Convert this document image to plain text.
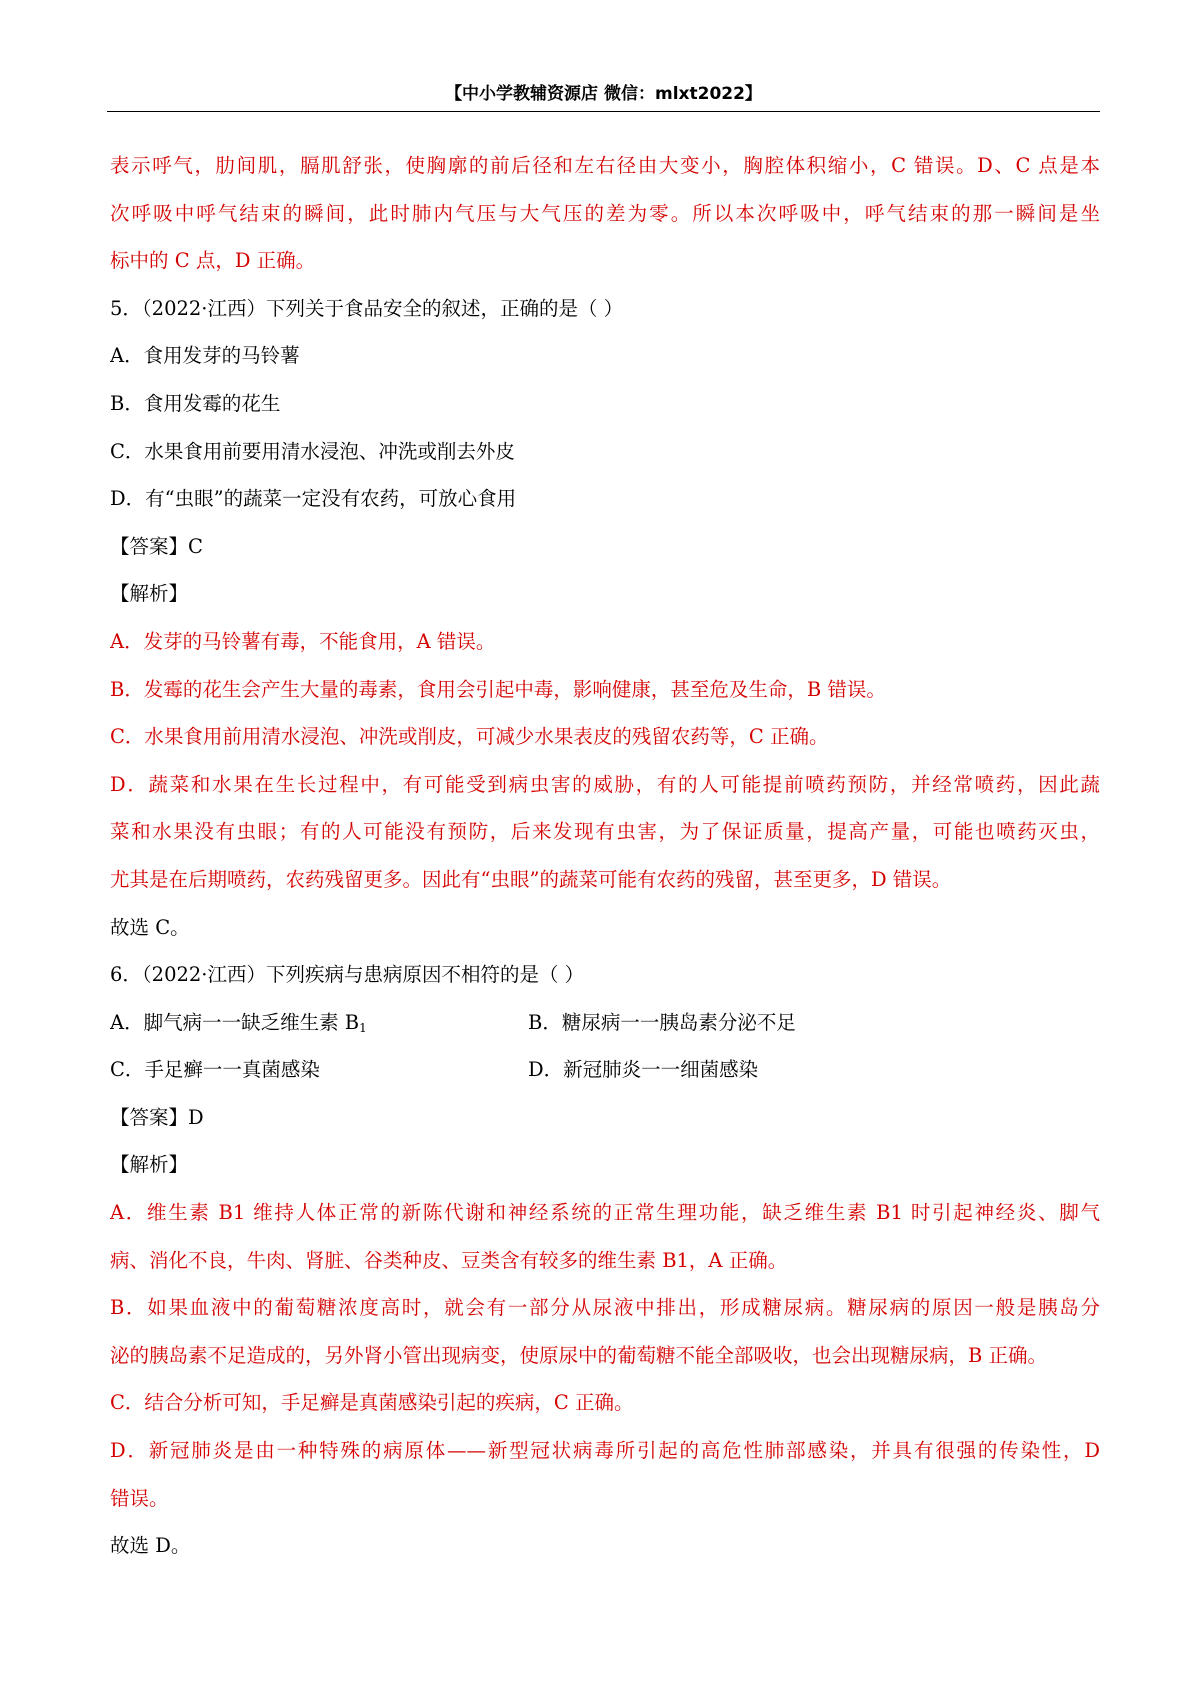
【中小学教辅资源店 微信：mlxt2022】
表示呼气，肋间肌，膈肌舒张，使胸廓的前后径和左右径由大变小，胸腔体积缩小，C 错误。D、C 点是本
次呼吸中呼气结束的瞬间，此时肺内气压与大气压的差为零。所以本次呼吸中，呼气结束的那一瞬间是坐
标中的 C 点，D 正确。
5．（2022·江西）下列关于食品安全的叙述，正确的是（ ）
A．食用发芽的马铃薯
B．食用发霉的花生
C．水果食用前要用清水浸泡、冲洗或削去外皮
D．有“虫眼”的蔬菜一定没有农药，可放心食用
【答案】C
【解析】
A．发芽的马铃薯有毒，不能食用，A 错误。
B．发霉的花生会产生大量的毒素，食用会引起中毒，影响健康，甚至危及生命，B 错误。
C．水果食用前用清水浸泡、冲洗或削皮，可减少水果表皮的残留农药等，C 正确。
D．蔬菜和水果在生长过程中，有可能受到病虫害的威胁，有的人可能提前喷药预防，并经常喷药，因此蔬
菜和水果没有虫眼；有的人可能没有预防，后来发现有虫害，为了保证质量，提高产量，可能也喷药灭虫，
尤其是在后期喷药，农药残留更多。因此有“虫眼”的蔬菜可能有农药的残留，甚至更多，D 错误。
故选 C。
6．（2022·江西）下列疾病与患病原因不相符的是（ ）
A．脚气病一一缺乏维生素 $B_1$	B．糖尿病一一胰岛素分泌不足
C．手足癣一一真菌感染	D．新冠肺炎一一细菌感染
【答案】D
【解析】
A．维生素 B1 维持人体正常的新陈代谢和神经系统的正常生理功能，缺乏维生素 B1 时引起神经炎、脚气
病、消化不良，牛肉、肾脏、谷类种皮、豆类含有较多的维生素 B1，A 正确。
B．如果血液中的葡萄糖浓度高时，就会有一部分从尿液中排出，形成糖尿病。糖尿病的原因一般是胰岛分
泌的胰岛素不足造成的，另外肾小管出现病变，使原尿中的葡萄糖不能全部吸收，也会出现糖尿病，B 正确。
C．结合分析可知，手足癣是真菌感染引起的疾病，C 正确。
D．新冠肺炎是由一种特殊的病原体——新型冠状病毒所引起的高危性肺部感染，并具有很强的传染性，D
错误。
故选 D。
